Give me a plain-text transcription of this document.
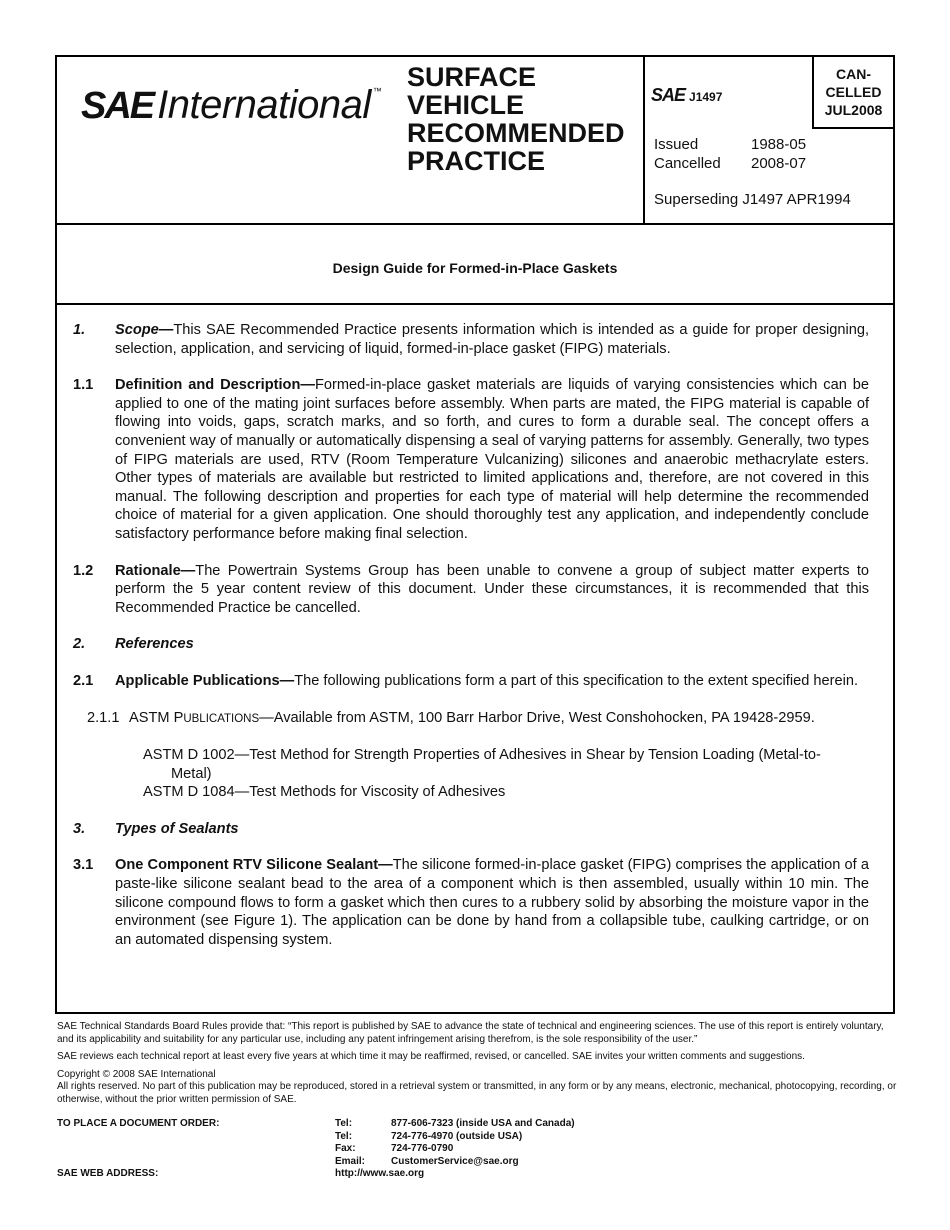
SAE International ™ SURFACE
VEHICLE
RECOMMENDED
PRACTICE
SAE J1497
CAN-
CELLED
JUL2008
Issued	1988-05
Cancelled	2008-07
Superseding J1497 APR1994
Design Guide for Formed-in-Place Gaskets
1.	Scope—This SAE Recommended Practice presents information which is intended as a guide for proper designing, selection, application, and servicing of liquid, formed-in-place gasket (FIPG) materials.
1.1	Definition and Description—Formed-in-place gasket materials are liquids of varying consistencies which can be applied to one of the mating joint surfaces before assembly. When parts are mated, the FIPG material is capable of flowing into voids, gaps, scratch marks, and so forth, and cures to form a durable seal. The concept offers a convenient way of manually or automatically dispensing a seal of varying patterns for assembly. Generally, two types of FIPG materials are used, RTV (Room Temperature Vulcanizing) silicones and anaerobic methacrylate esters. Other types of materials are available but restricted to limited applications and, therefore, are not covered in this manual. The following description and properties for each type of material will help determine the recommended choice of material for a given application. One should thoroughly test any application, and independently conclude satisfactory performance before making final selection.
1.2	Rationale—The Powertrain Systems Group has been unable to convene a group of subject matter experts to perform the 5 year content review of this document. Under these circumstances, it is recommended that this Recommended Practice be cancelled.
2.	References
2.1	Applicable Publications—The following publications form a part of this specification to the extent specified herein.
2.1.1 ASTM PUBLICATIONS—Available from ASTM, 100 Barr Harbor Drive, West Conshohocken, PA 19428-2959.
ASTM D 1002—Test Method for Strength Properties of Adhesives in Shear by Tension Loading (Metal-to-
Metal)
ASTM D 1084—Test Methods for Viscosity of Adhesives
3.	Types of Sealants
3.1	One Component RTV Silicone Sealant—The silicone formed-in-place gasket (FIPG) comprises the application of a paste-like silicone sealant bead to the area of a component which is then assembled, usually within 10 min. The silicone compound flows to form a gasket which then cures to a rubbery solid by absorbing the moisture vapor in the environment (see Figure 1). The application can be done by hand from a collapsible tube, caulking cartridge, or on an automated dispensing system.

SAE Technical Standards Board Rules provide that: “This report is published by SAE to advance the state of technical and engineering sciences. The use of this report is entirely voluntary, and its applicability and suitability for any particular use, including any patent infringement arising therefrom, is the sole responsibility of the user.”

SAE reviews each technical report at least every five years at which time it may be reaffirmed, revised, or cancelled. SAE invites your written comments and suggestions.

Copyright © 2008 SAE International

All rights reserved. No part of this publication may be reproduced, stored in a retrieval system or transmitted, in any form or by any means, electronic, mechanical, photocopying, recording, or otherwise, without the prior written permission of SAE.

TO PLACE A DOCUMENT ORDER:
SAE WEB ADDRESS:
Tel:	877-606-7323 (inside USA and Canada)
Tel:	724-776-4970 (outside USA)
Fax:	724-776-0790
Email:	CustomerService@sae.org
http://www.sae.org
